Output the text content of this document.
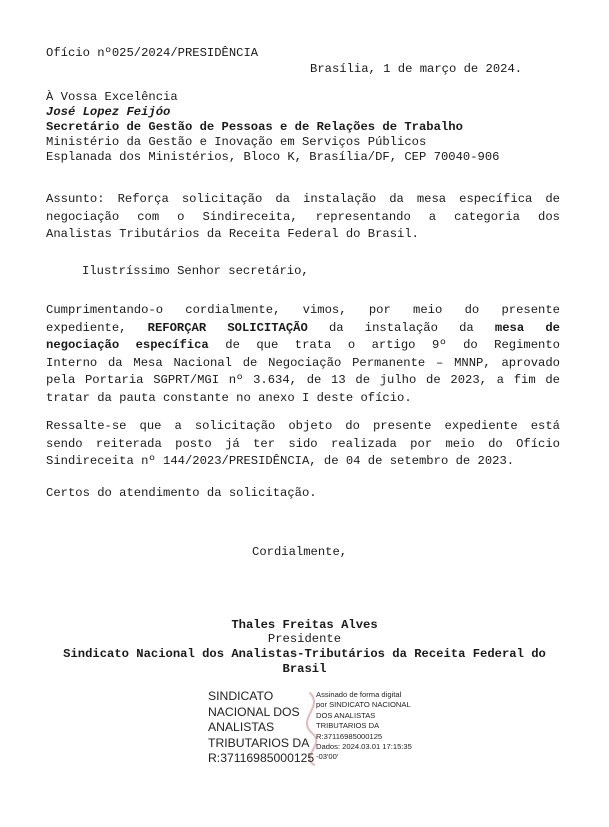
Ofício nº025/2024/PRESIDÊNCIA
Brasília, 1 de março de 2024.
À Vossa Excelência
José Lopez Feijóo
Secretário de Gestão de Pessoas e de Relações de Trabalho
Ministério da Gestão e Inovação em Serviços Públicos
Esplanada dos Ministérios, Bloco K, Brasília/DF, CEP 70040-906
Assunto: Reforça solicitação da instalação da mesa específica de
negociação com o Sindireceita, representando a categoria dos
Analistas Tributários da Receita Federal do Brasil.
Ilustríssimo Senhor secretário,
Cumprimentando-o cordialmente, vimos, por meio do presente
expediente, REFORÇAR SOLICITAÇÃO da instalação da mesa de
negociação específica de que trata o artigo 9º do Regimento
Interno da Mesa Nacional de Negociação Permanente – MNNP, aprovado
pela Portaria SGPRT/MGI nº 3.634, de 13 de julho de 2023, a fim de
tratar da pauta constante no anexo I deste ofício.
Ressalte-se que a solicitação objeto do presente expediente está
sendo reiterada posto já ter sido realizada por meio do Ofício
Sindireceita nº 144/2023/PRESIDÊNCIA, de 04 de setembro de 2023.
Certos do atendimento da solicitação.
Cordialmente,
Thales Freitas Alves
Presidente
Sindicato Nacional dos Analistas-Tributários da Receita Federal do
Brasil
SINDICATO
NACIONAL DOS
ANALISTAS
TRIBUTARIOS DA
R:37116985000125
Assinado de forma digital
por SINDICATO NACIONAL
DOS ANALISTAS
TRIBUTARIOS DA
R:37116985000125
Dados: 2024.03.01 17:15:35
-03'00'
